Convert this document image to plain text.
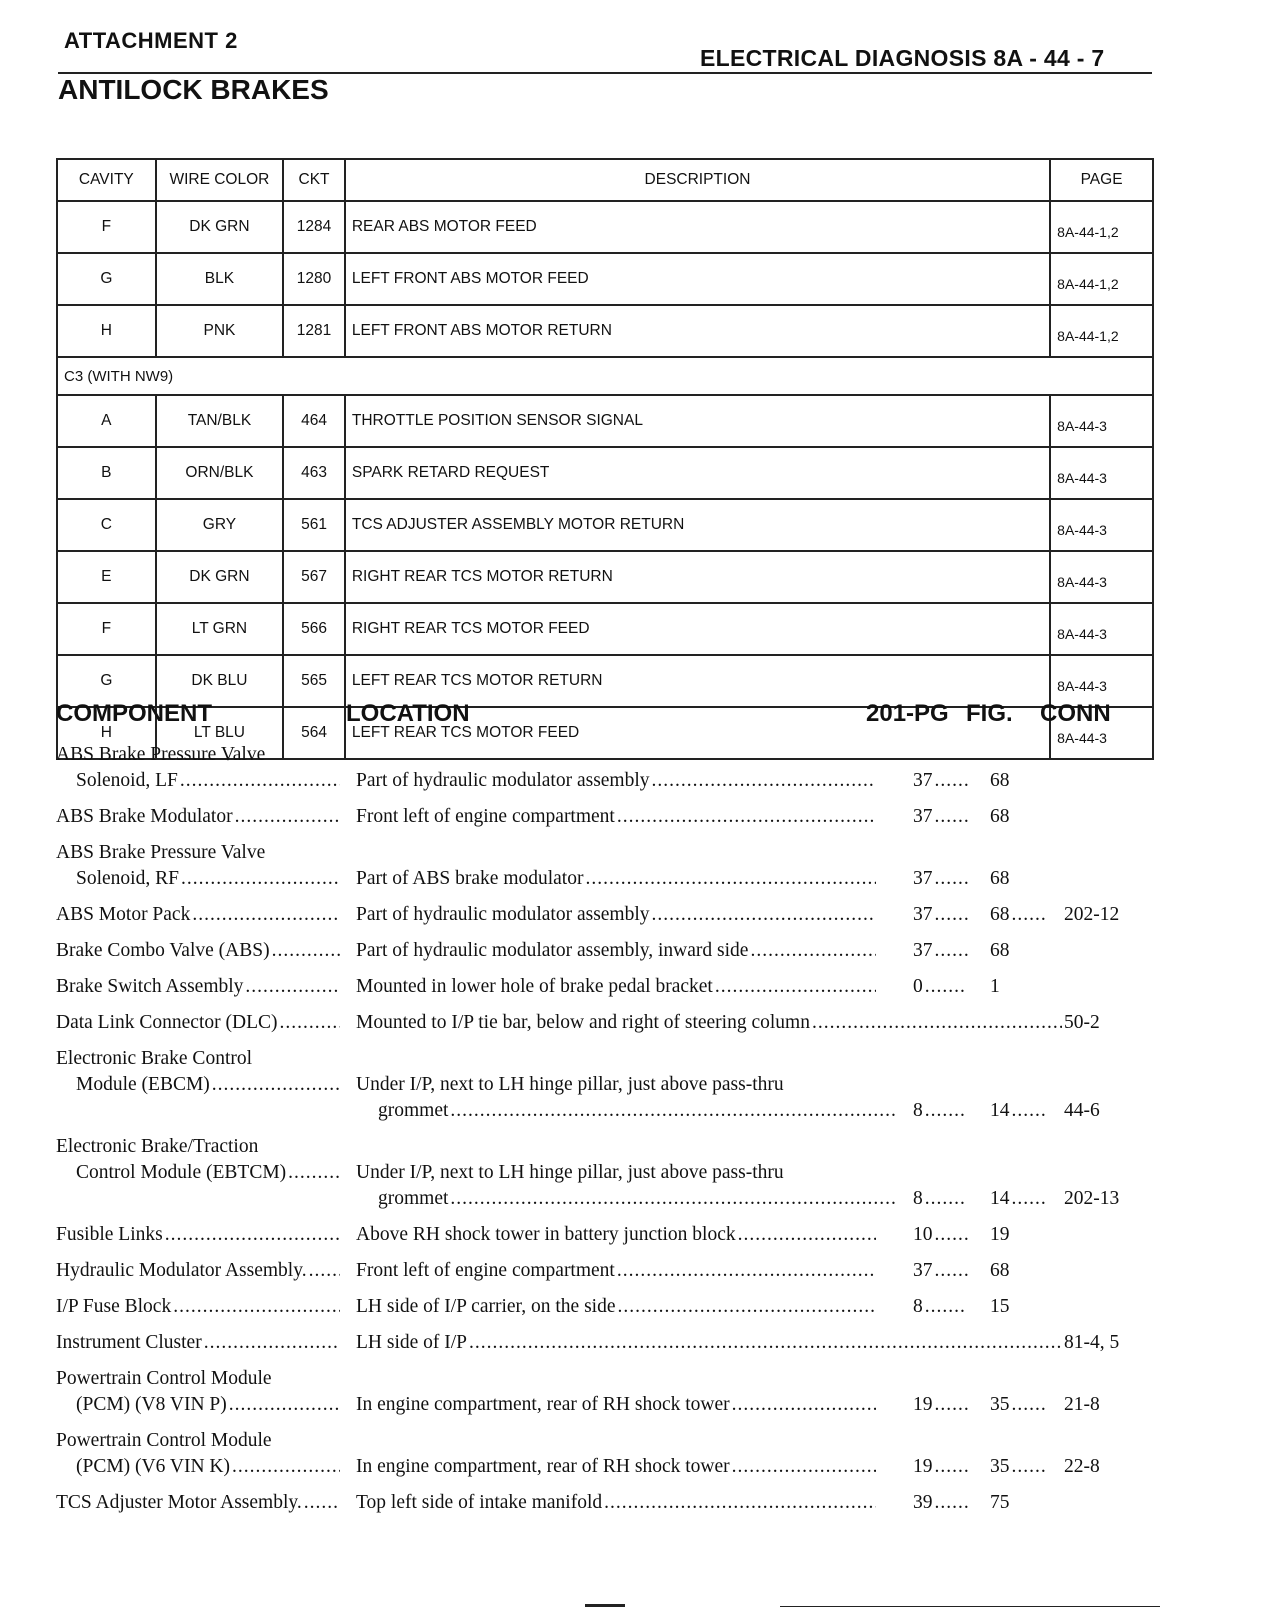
ATTACHMENT 2
ELECTRICAL DIAGNOSIS 8A - 44 - 7
ANTILOCK BRAKES
CAVITY	WIRE COLOR	CKT	DESCRIPTION	PAGE
F	DK GRN	1284	REAR ABS MOTOR FEED	8A-44-1,2
G	BLK	1280	LEFT FRONT ABS MOTOR FEED	8A-44-1,2
H	PNK	1281	LEFT FRONT ABS MOTOR RETURN	8A-44-1,2
C3 (WITH NW9)				
A	TAN/BLK	464	THROTTLE POSITION SENSOR SIGNAL	8A-44-3
B	ORN/BLK	463	SPARK RETARD REQUEST	8A-44-3
C	GRY	561	TCS ADJUSTER ASSEMBLY MOTOR RETURN	8A-44-3
E	DK GRN	567	RIGHT REAR TCS MOTOR RETURN	8A-44-3
F	LT GRN	566	RIGHT REAR TCS MOTOR FEED	8A-44-3
G	DK BLU	565	LEFT REAR TCS MOTOR RETURN	8A-44-3
H	LT BLU	564	LEFT REAR TCS MOTOR FEED	8A-44-3
COMPONENT	LOCATION	201-PG FIG. CONN
ABS Brake Pressure Valve
Solenoid, LF .....	Part of hydraulic modulator assembly .....	37 .....	68
ABS Brake Modulator .....	Front left of engine compartment .....	37 .....	68
ABS Brake Pressure Valve
Solenoid, RF .....	Part of ABS brake modulator .....	37 .....	68
ABS Motor Pack .....	Part of hydraulic modulator assembly .....	37 .....	68 .....	202-12
Brake Combo Valve (ABS) .....	Part of hydraulic modulator assembly, inward side .....	37 .....	68
Brake Switch Assembly .....	Mounted in lower hole of brake pedal bracket .....	0 .....	1
Data Link Connector (DLC) .....	Mounted to I/P tie bar, below and right of steering column .....	50-2
Electronic Brake Control
Module (EBCM) .....	Under I/P, next to LH hinge pillar, just above pass-thru
grommet .....	8 .....	14 .....	44-6
Electronic Brake/Traction
Control Module (EBTCM) .....	Under I/P, next to LH hinge pillar, just above pass-thru
grommet .....	8 .....	14 .....	202-13
Fusible Links .....	Above RH shock tower in battery junction block .....	10 .....	19
Hydraulic Modulator Assembly. .....	Front left of engine compartment .....	37 .....	68
I/P Fuse Block .....	LH side of I/P carrier, on the side .....	8 .....	15
Instrument Cluster .....	LH side of I/P .....	81-4, 5
Powertrain Control Module
(PCM) (V8 VIN P) .....	In engine compartment, rear of RH shock tower .....	19 .....	35 .....	21-8
Powertrain Control Module
(PCM) (V6 VIN K) .....	In engine compartment, rear of RH shock tower .....	19 .....	35 .....	22-8
TCS Adjuster Motor Assembly. .....	Top left side of intake manifold .....	39 .....	75
